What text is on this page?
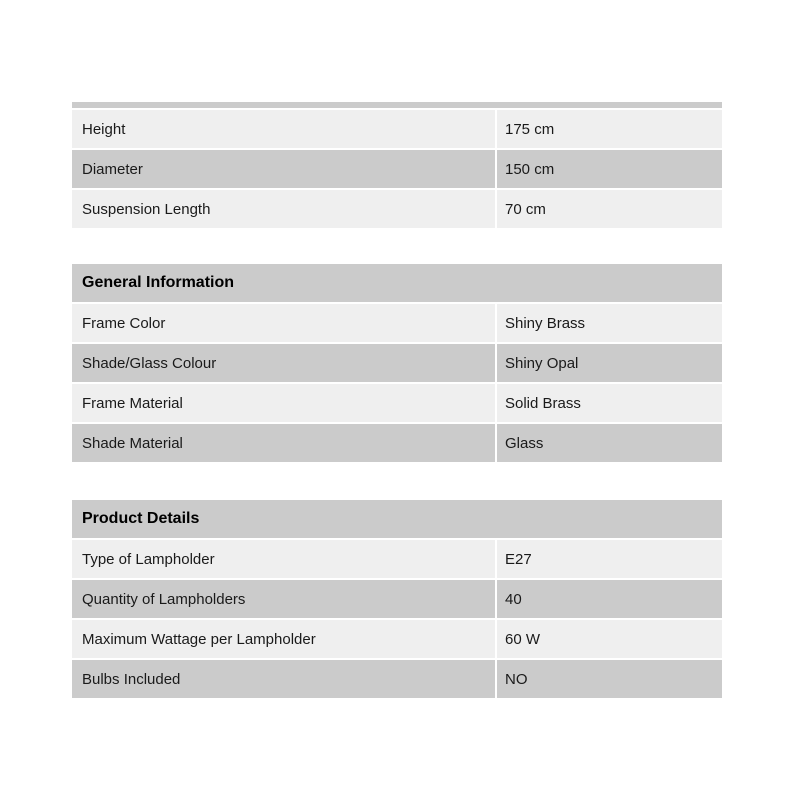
Height	175 cm
Diameter	150 cm
Suspension Length	70 cm
General Information
Frame Color	Shiny Brass
Shade/Glass Colour	Shiny Opal
Frame Material	Solid Brass
Shade Material	Glass
Product Details
Type of Lampholder	E27
Quantity of Lampholders	40
Maximum Wattage per Lampholder	60 W
Bulbs Included	NO
